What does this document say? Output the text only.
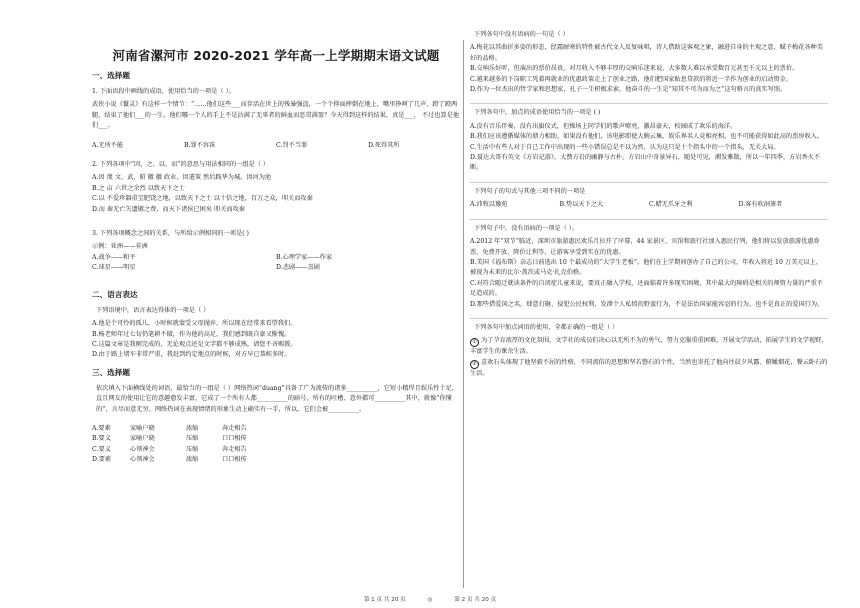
河南省漯河市 2020-2021 学年高一上学期期末语文试题
一、选择题

1. 下面语段中画线的成语，使用恰当的一项是（ ）。

武侠小说《鬣灵》有这样一个情节：“……他们这些___而存活在世上的残暴强盗，一个个抑面摔倒在地上，嘴里挣呵了几声，蹬了蹬两腿，结束了他们___的一生。他们哪一个人的手上不是沾满了无辜者的鲜血而恶贯满盈？今天得到这样的结果，真是___， 不过也算是他们___。

A.无所不能	B.罪不容诛	C.罚不当罪	D.死得其所

2. 下列各项中“因、之、以、而”的意思与用法相同的一组是（ ）

A.因 蔑 文、武，昭 徽 徽 政业，因遣策 然后践华为城，因河为池

B.之 亩 六世之余烈 以致天下之士

C.以 不爱珍器重宝肥饶之地，以致天下之士 以十倍之地，百万之众，叩关而攻秦

D.而 秦无亡矢遗镞之费，而天下诸侯已困矣 叩关而攻秦

3. 下列各项概念之间的关系，与所给示例相同的一项是( )

示例：亚洲——非洲

A.战争——和平	B.心理学家——作家
C.球星——明星	D.悲剧——喜剧
二、语言表达

下列语境中，语言表达得体的一项是（ ）

A.他是个可怜的孤儿，小时候就蒙受父母抛弃，所以现在经常来看望我们。

B.杨老师年过七旬仍笔耕不辍，作为他的高足，我们感到既自豪又惭愧。

C.这篇文章是我刚完成的，无论观点还是文字都不够成熟，请您不吝赐教。

D.由于路上堵车非常严重，我赶到约定地点的时候，对方早已恭候多时。

三、选择题

依次填入下面横线处的词语，最恰当的一组是（ ）网络热词“duang”具备了广为流传的诸多__________，它短小精悍且娱乐性十足，直且网友的使用让它的意趣愈发丰富，它成了一个所有人都__________的暗号，所有的吐槽、意外都可__________其中，就像“你懂的”，言尽而意无穷。网络热词在表现情绪的形象生动上确实有一手，所以，它们会被__________。

A.要素	家喻户晓	浓缩	奔走相告
B.要义	家喻户晓	压缩	口口相传
C.要义	心领神会	压缩	奔走相告
D.要素	心领神会	浓缩	口口相传

下列各句中没有语病的一句是（ ）

A.梅花以其曲折多姿的形态，经霜耐寒的特性被古代文人反复咏唱，诗人借助这客观之象，融进自身的主观之意，赋予梅花各种美好的品格。

B.交响乐好听，但演出的票价昂贵，对月收入不够丰厚的交响乐迷来说，大多数人难以承受数百元甚至千元以上的票价。

C.越来越多的下岗职工凭着再就业的优惠政策走上了创业之路，他们把国家贴息贷款的将近一半作为创业的启动资金。

D.作为一位杰出的哲学家和思想家，孔子一生积极求索，他奋斗的一生是“知其不可为而为之”这句格言的真实写照。

下列各句中，加点的成语使用恰当的一项是 ( )

A.没有音乐伴奏，没有出旗仪式，但操场上同学们的歌声嘹亮，激昂豪天，校园成了欢乐的海洋。

B.我们应该遵循媒体的鼎力相助，如果没有他们，该电影即使大腕云集、娱乐界名人竞相亮相，也不可能获得如此高的票房收入。

C.生活中有些人对于自己工作中出现的一些小错误总是不以为然，认为这只是十个指头中的一个指头，无关大局。

D.聂达大哥有英文《方岩记游》，大赞方岩的幽静与古朴。方岩山中奇景异石，随处可见，湘发雅散，所以一年四季，方岩香火不断。

下列句子的句式与其他三项不同的一项是

A.沛牧以豫苑	B.势以天下之大	C.蜡无爪牙之利	D.客有吹洞箫者

下列句子中，没有语病的一项是（ ）。

A.2012 年“双节”临近，深圳市旅游惠民欢乐月拉开了序幕，44 家景区、宾馆和旅行社加入惠民行列，他们将以发放旅游优惠券票、免费开放、降价让利等，让游客享受到实在的优惠。

B.美国《福布斯》杂志日前选出 10 个最成功的“大学生老板”，他们在上学期间创办了自己的公司，年收入将近 10 万美元以上，被视为未来的比尔·盖茨或马克·扎克伯格。

C.对符合随迁就读条件的自闭症儿童来说，要真正融入学校，还面临着许多现实困境，其中最大的障碍是相关的师资力量的严重不足造成的。

D.那些借爱国之名，肆意打砸、侵犯公民权利，发泄个人私愤的野蛮行为，不是法治国家能容忍的行为，也不是真正的爱国行为。

下列各句中加点词语的使用，全都正确的一组是（ ）

① 为了孕育浓厚的文化氛围，文学社的成员们决心以无所不为的勇气，努力克服重重困难，开展文学活动，拓展学生的文学视野，丰富学生的课余生活。

② 喜欢石头体现了他坚毅不屈的性格，不同流俗的思想和坚若磐石的个性，当然也寄托了他向往晨夕风露、俯瞰烟花，餐云卧石的生活。

第 1 页 共 20 页	◎	第 2 页 共 20 页
